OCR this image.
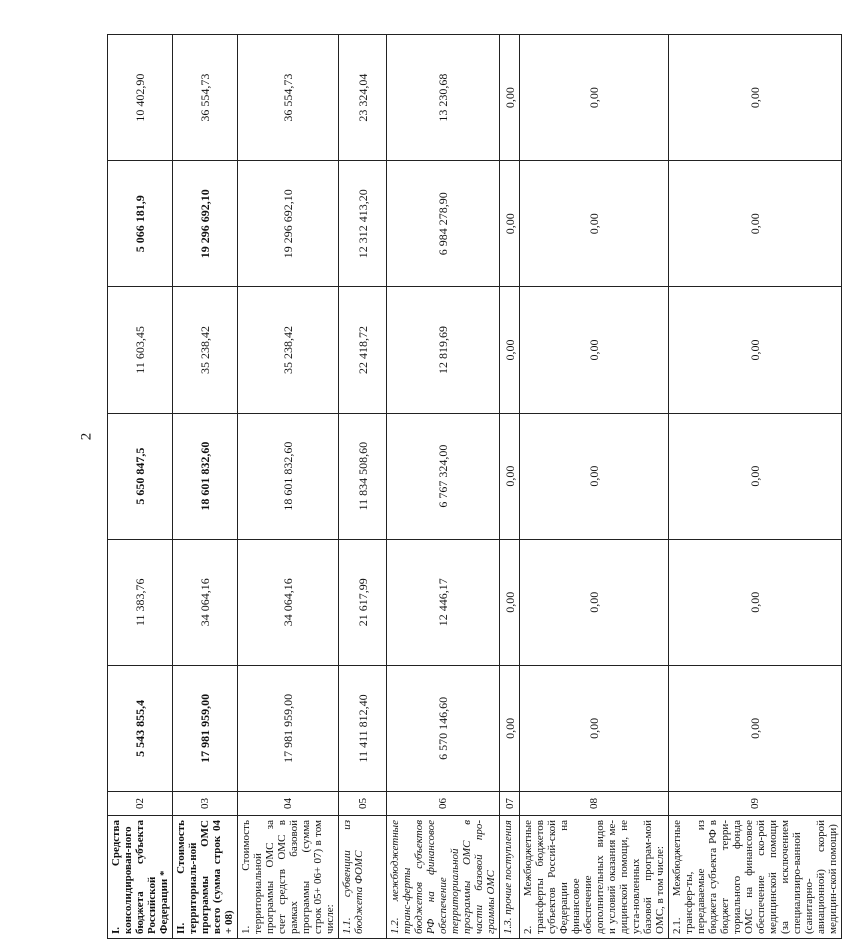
2
I. Средства консолидирован-ного бюджета субъекта Российской Федерации *	02	5 543 855,4	11 383,76	5 650 847,5	11 603,45	5 066 181,9	10 402,90
II. Стоимость территориаль-ной программы ОМС всего (сумма строк 04 + 08)	03	17 981 959,00	34 064,16	18 601 832,60	35 238,42	19 296 692,10	36 554,73
1. Стоимость территориальной программы ОМС за счет средств ОМС в рамках базовой программы (сумма строк 05+ 06+ 07) в том числе:	04	17 981 959,00	34 064,16	18 601 832,60	35 238,42	19 296 692,10	36 554,73
1.1. субвенции из бюджета ФОМС	05	11 411 812,40	21 617,99	11 834 508,60	22 418,72	12 312 413,20	23 324,04
1.2. межбюджетные транс-ферты бюджетов субъектов РФ на финансовое обеспечение территориальной программы ОМС в части базовой про-граммы ОМС	06	6 570 146,60	12 446,17	6 767 324,00	12 819,69	6 984 278,90	13 230,68
1.3. прочие поступления	07	0,00	0,00	0,00	0,00	0,00	0,00
2. Межбюджетные трансферты бюджетов субъектов Россий-ской Федерации на финансовое обеспечение дополнительных видов и условий оказания ме-дицинской помощи, не уста-новленных базовой програм-мой ОМС, в том числе:	08	0,00	0,00	0,00	0,00	0,00	0,00
2.1. Межбюджетные трансфер-ты, передаваемые из бюджета субъекта РФ в бюджет терри-ториального фонда ОМС на финансовое обеспечение ско-рой медицинской помощи (за исключением специализиро-ванной (санитарно-авиационной) скорой медицин-ской помощи)	09	0,00	0,00	0,00	0,00	0,00	0,00
